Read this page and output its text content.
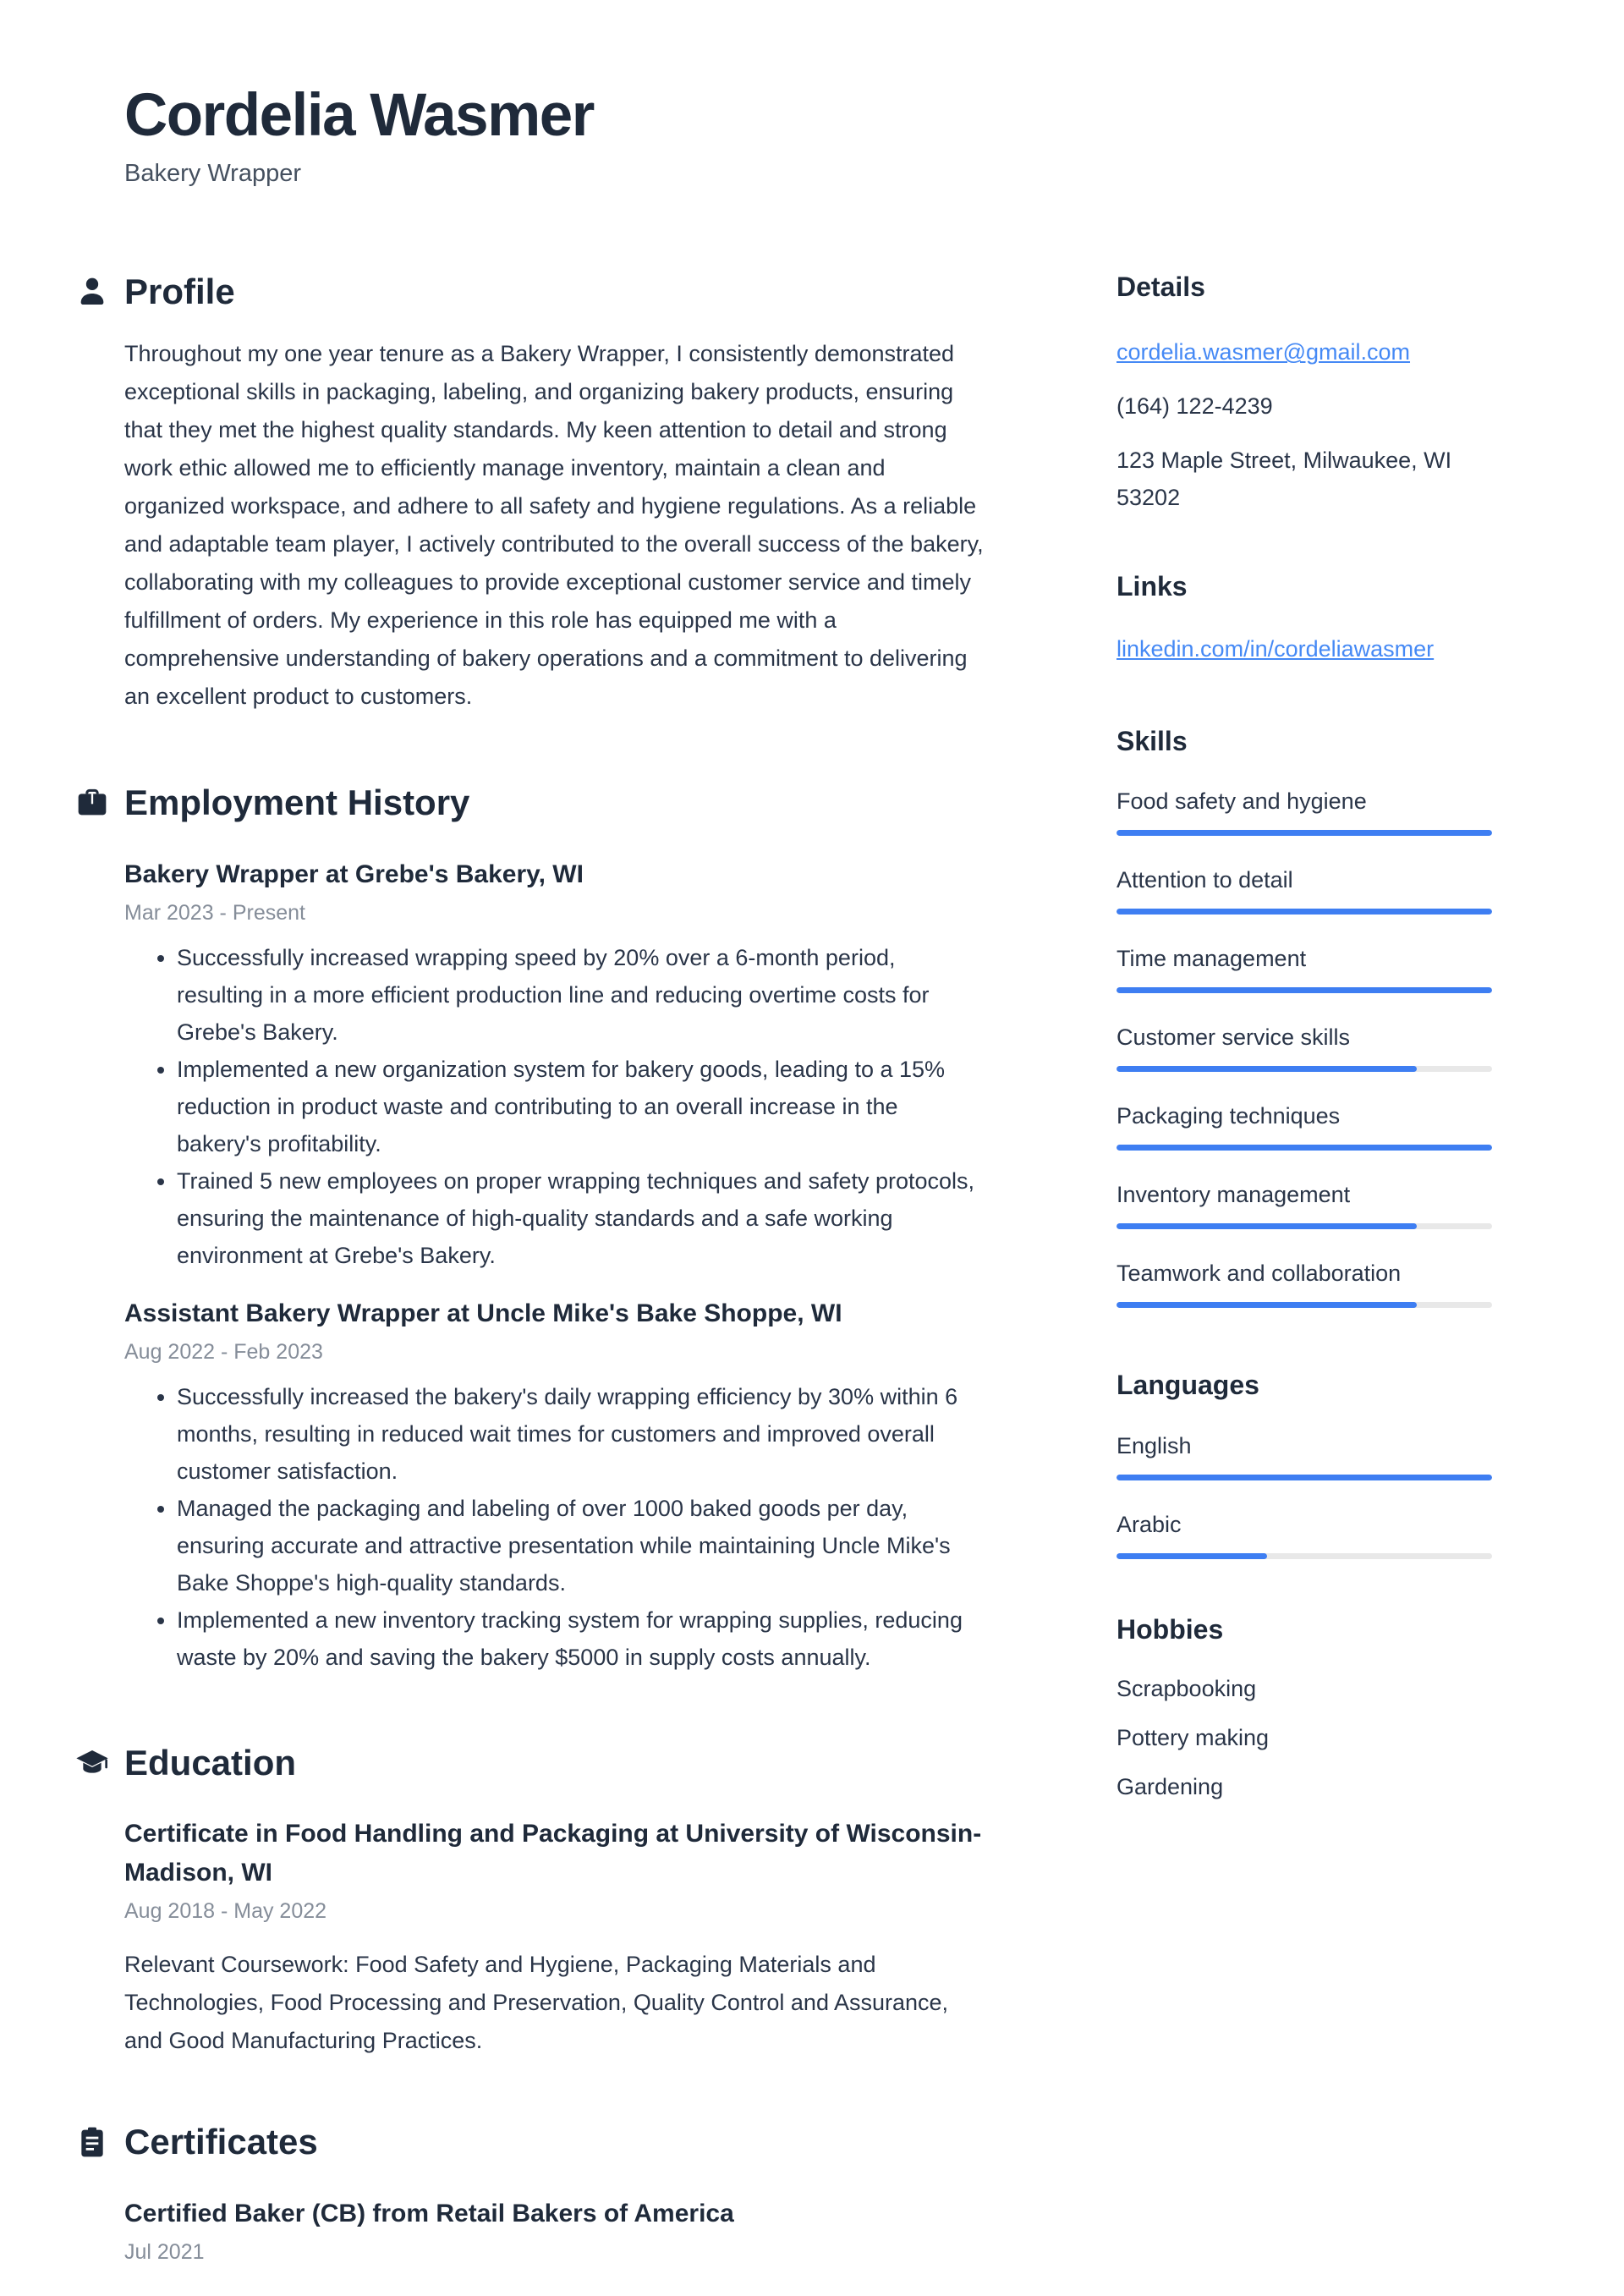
Cordelia Wasmer
Bakery Wrapper
Profile

Throughout my one year tenure as a Bakery Wrapper, I consistently demonstrated exceptional skills in packaging, labeling, and organizing bakery products, ensuring that they met the highest quality standards. My keen attention to detail and strong work ethic allowed me to efficiently manage inventory, maintain a clean and organized workspace, and adhere to all safety and hygiene regulations. As a reliable and adaptable team player, I actively contributed to the overall success of the bakery, collaborating with my colleagues to provide exceptional customer service and timely fulfillment of orders. My experience in this role has equipped me with a comprehensive understanding of bakery operations and a commitment to delivering an excellent product to customers.

Employment History
Bakery Wrapper at Grebe's Bakery, WI
Mar 2023 - Present
• Successfully increased wrapping speed by 20% over a 6-month period, resulting in a more efficient production line and reducing overtime costs for Grebe's Bakery.
• Implemented a new organization system for bakery goods, leading to a 15% reduction in product waste and contributing to an overall increase in the bakery's profitability.
• Trained 5 new employees on proper wrapping techniques and safety protocols, ensuring the maintenance of high-quality standards and a safe working environment at Grebe's Bakery.
Assistant Bakery Wrapper at Uncle Mike's Bake Shoppe, WI
Aug 2022 - Feb 2023
• Successfully increased the bakery's daily wrapping efficiency by 30% within 6 months, resulting in reduced wait times for customers and improved overall customer satisfaction.
• Managed the packaging and labeling of over 1000 baked goods per day, ensuring accurate and attractive presentation while maintaining Uncle Mike's Bake Shoppe's high-quality standards.
• Implemented a new inventory tracking system for wrapping supplies, reducing waste by 20% and saving the bakery $5000 in supply costs annually.
Education
Certificate in Food Handling and Packaging at University of Wisconsin-Madison, WI
Aug 2018 - May 2022

Relevant Coursework: Food Safety and Hygiene, Packaging Materials and Technologies, Food Processing and Preservation, Quality Control and Assurance, and Good Manufacturing Practices.

Certificates
Certified Baker (CB) from Retail Bakers of America
Jul 2021
Details
cordelia.wasmer@gmail.com
(164) 122-4239
123 Maple Street, Milwaukee, WI 53202
Links
linkedin.com/in/cordeliawasmer
Skills
Food safety and hygiene
Attention to detail
Time management
Customer service skills
Packaging techniques
Inventory management
Teamwork and collaboration
Languages
English
Arabic
Hobbies
Scrapbooking
Pottery making
Gardening
